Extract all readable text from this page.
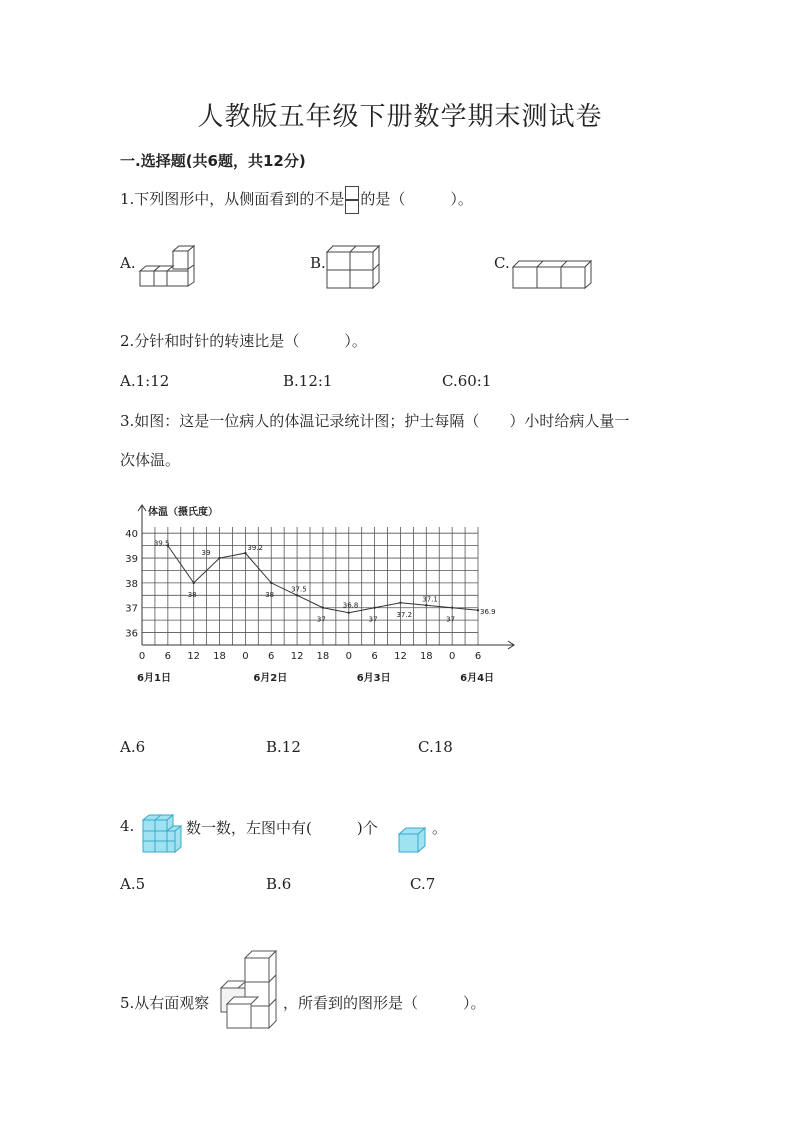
人教版五年级下册数学期末测试卷
一.选择题(共6题，共12分)
1.下列图形中，从侧面看到的不是 的是（　　　）。
A.	B.	C.
2.分针和时针的转速比是（　　　）。
A.1:12	B.12:1	C.60:1
3.如图：这是一位病人的体温记录统计图；护士每隔（　　）小时给病人量一
次体温。
体温（摄氏度）
36
37
38
39
40
0 6 12 18 0 6 12 18 0 6 12 18 0 6
6月1日	6月2日	6月3日	6月4日
39.5
38
39
39.2
38
37.5
37
36.8
37
37.2
37.1
37
36.9
A.6	B.12	C.18
4.	数一数，左图中有(　　　)个	。
A.5	B.6	C.7
5.从右面观察	，所看到的图形是（　　　）。
